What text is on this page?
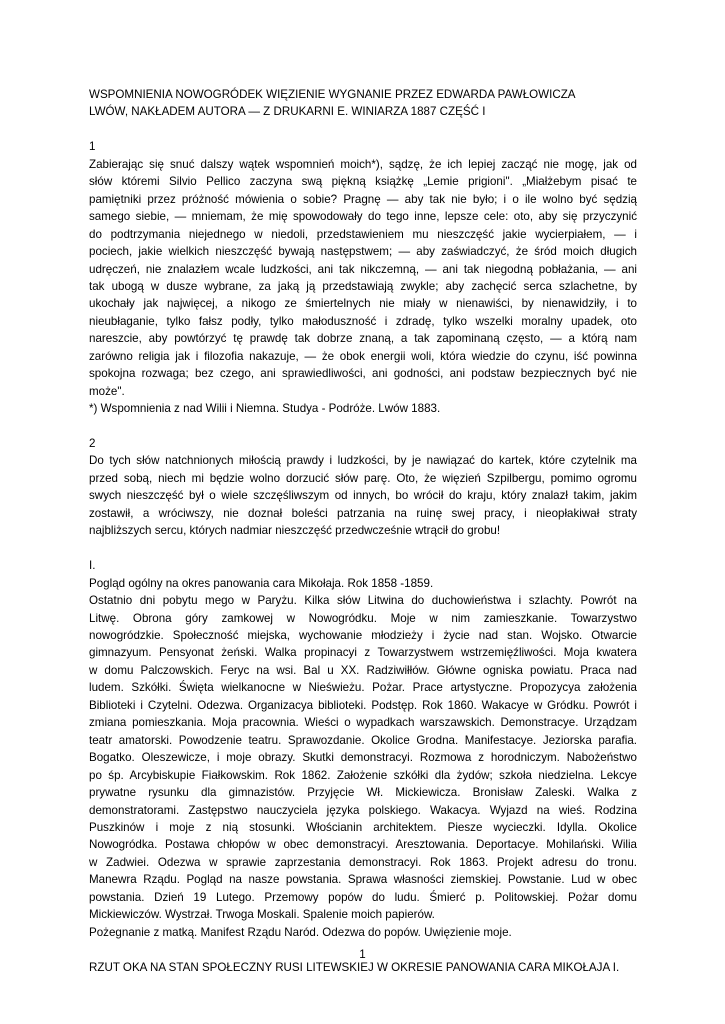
WSPOMNIENIA NOWOGRÓDEK WIĘZIENIE WYGNANIE PRZEZ EDWARDA PAWŁOWICZA
LWÓW, NAKŁADEM AUTORA — Z DRUKARNI E. WINIARZA 1887 CZĘŚĆ I
1
Zabierając się snuć dalszy wątek wspomnień moich*), sądzę, że ich lepiej zacząć nie mogę, jak od
słów któremi Silvio Pellico zaczyna swą piękną książkę „Lemie prigioni". „Miałżebym pisać te
pamiętniki przez próżność mówienia o sobie? Pragnę — aby tak nie było; i o ile wolno być sędzią
samego siebie, — mniemam, że mię spowodowały do tego inne, lepsze cele: oto, aby się przyczynić
do podtrzymania niejednego w niedoli, przedstawieniem mu nieszczęść jakie wycierpiałem, — i
pociech, jakie wielkich nieszczęść bywają następstwem; — aby zaświadczyć, że śród moich długich
udręczeń, nie znalazłem wcale ludzkości, ani tak nikczemną, — ani tak niegodną pobłażania, — ani
tak ubogą w dusze wybrane, za jaką ją przedstawiają zwykle; aby zachęcić serca szlachetne, by
ukochały jak najwięcej, a nikogo ze śmiertelnych nie miały w nienawiści, by nienawidziły, i to
nieubłaganie, tylko fałsz podły, tylko małoduszność i zdradę, tylko wszelki moralny upadek, oto
nareszcie, aby powtórzyć tę prawdę tak dobrze znaną, a tak zapominaną często, — a którą nam
zarówno religia jak i filozofia nakazuje, — że obok energii woli, która wiedzie do czynu, iść powinna
spokojna rozwaga; bez czego, ani sprawiedliwości, ani godności, ani podstaw bezpiecznych być nie
może".
*) Wspomnienia z nad Wilii i Niemna. Studya - Podróże. Lwów 1883.
2
Do tych słów natchnionych miłością prawdy i ludzkości, by je nawiązać do kartek, które czytelnik ma
przed sobą, niech mi będzie wolno dorzucić słów parę. Oto, że więzień Szpilbergu, pomimo ogromu
swych nieszczęść był o wiele szczęśliwszym od innych, bo wrócił do kraju, który znalazł takim, jakim
zostawił, a wróciwszy, nie doznał boleści patrzania na ruinę swej pracy, i nieopłakiwał straty
najbliższych sercu, których nadmiar nieszczęść przedwcześnie wtrącił do grobu!
I.
Pogląd ogólny na okres panowania cara Mikołaja. Rok 1858 -1859.
Ostatnio dni pobytu mego w Paryżu. Kilka słów Litwina do duchowieństwa i szlachty. Powrót na
Litwę. Obrona góry zamkowej w Nowogródku. Moje w nim zamieszkanie. Towarzystwo
nowogródzkie. Społeczność miejska, wychowanie młodzieży i życie nad stan. Wojsko. Otwarcie
gimnazyum. Pensyonat żeński. Walka propinacyi z Towarzystwem wstrzemięźliwości. Moja kwatera
w domu Palczowskich. Feryc na wsi. Bal u XX. Radziwiłłów. Główne ogniska powiatu. Praca nad
ludem. Szkółki. Święta wielkanocne w Nieświeżu. Pożar. Prace artystyczne. Propozycya założenia
Biblioteki i Czytelni. Odezwa. Organizacya biblioteki. Podstęp. Rok 1860. Wakacye w Gródku. Powrót i
zmiana pomieszkania. Moja pracownia. Wieści o wypadkach warszawskich. Demonstracye. Urządzam
teatr amatorski. Powodzenie teatru. Sprawozdanie. Okolice Grodna. Manifestacye. Jeziorska parafia.
Bogatko. Oleszewicze, i moje obrazy. Skutki demonstracyi. Rozmowa z horodniczym. Nabożeństwo
po śp. Arcybiskupie Fiałkowskim. Rok 1862. Założenie szkółki dla żydów; szkoła niedzielna. Lekcye
prywatne rysunku dla gimnazistów. Przyjęcie Wł. Mickiewicza. Bronisław Zaleski. Walka z
demonstratorami. Zastępstwo nauczyciela języka polskiego. Wakacya. Wyjazd na wieś. Rodzina
Puszkinów i moje z nią stosunki. Włościanin architektem. Piesze wycieczki. Idylla. Okolice
Nowogródka. Postawa chłopów w obec demonstracyi. Aresztowania. Deportacye. Mohilański. Wilia
w Zadwiei. Odezwa w sprawie zaprzestania demonstracyi. Rok 1863. Projekt adresu do tronu.
Manewra Rządu. Pogląd na nasze powstania. Sprawa własności ziemskiej. Powstanie. Lud w obec
powstania. Dzień 19 Lutego. Przemowy popów do ludu. Śmierć p. Politowskiej. Pożar domu
Mickiewiczów. Wystrzał. Trwoga Moskali. Spalenie moich papierów.
Pożegnanie z matką. Manifest Rządu Naród. Odezwa do popów. Uwięzienie moje.
RZUT OKA NA STAN SPOŁECZNY RUSI LITEWSKIEJ W OKRESIE PANOWANIA CARA MIKOŁAJA I.
1
